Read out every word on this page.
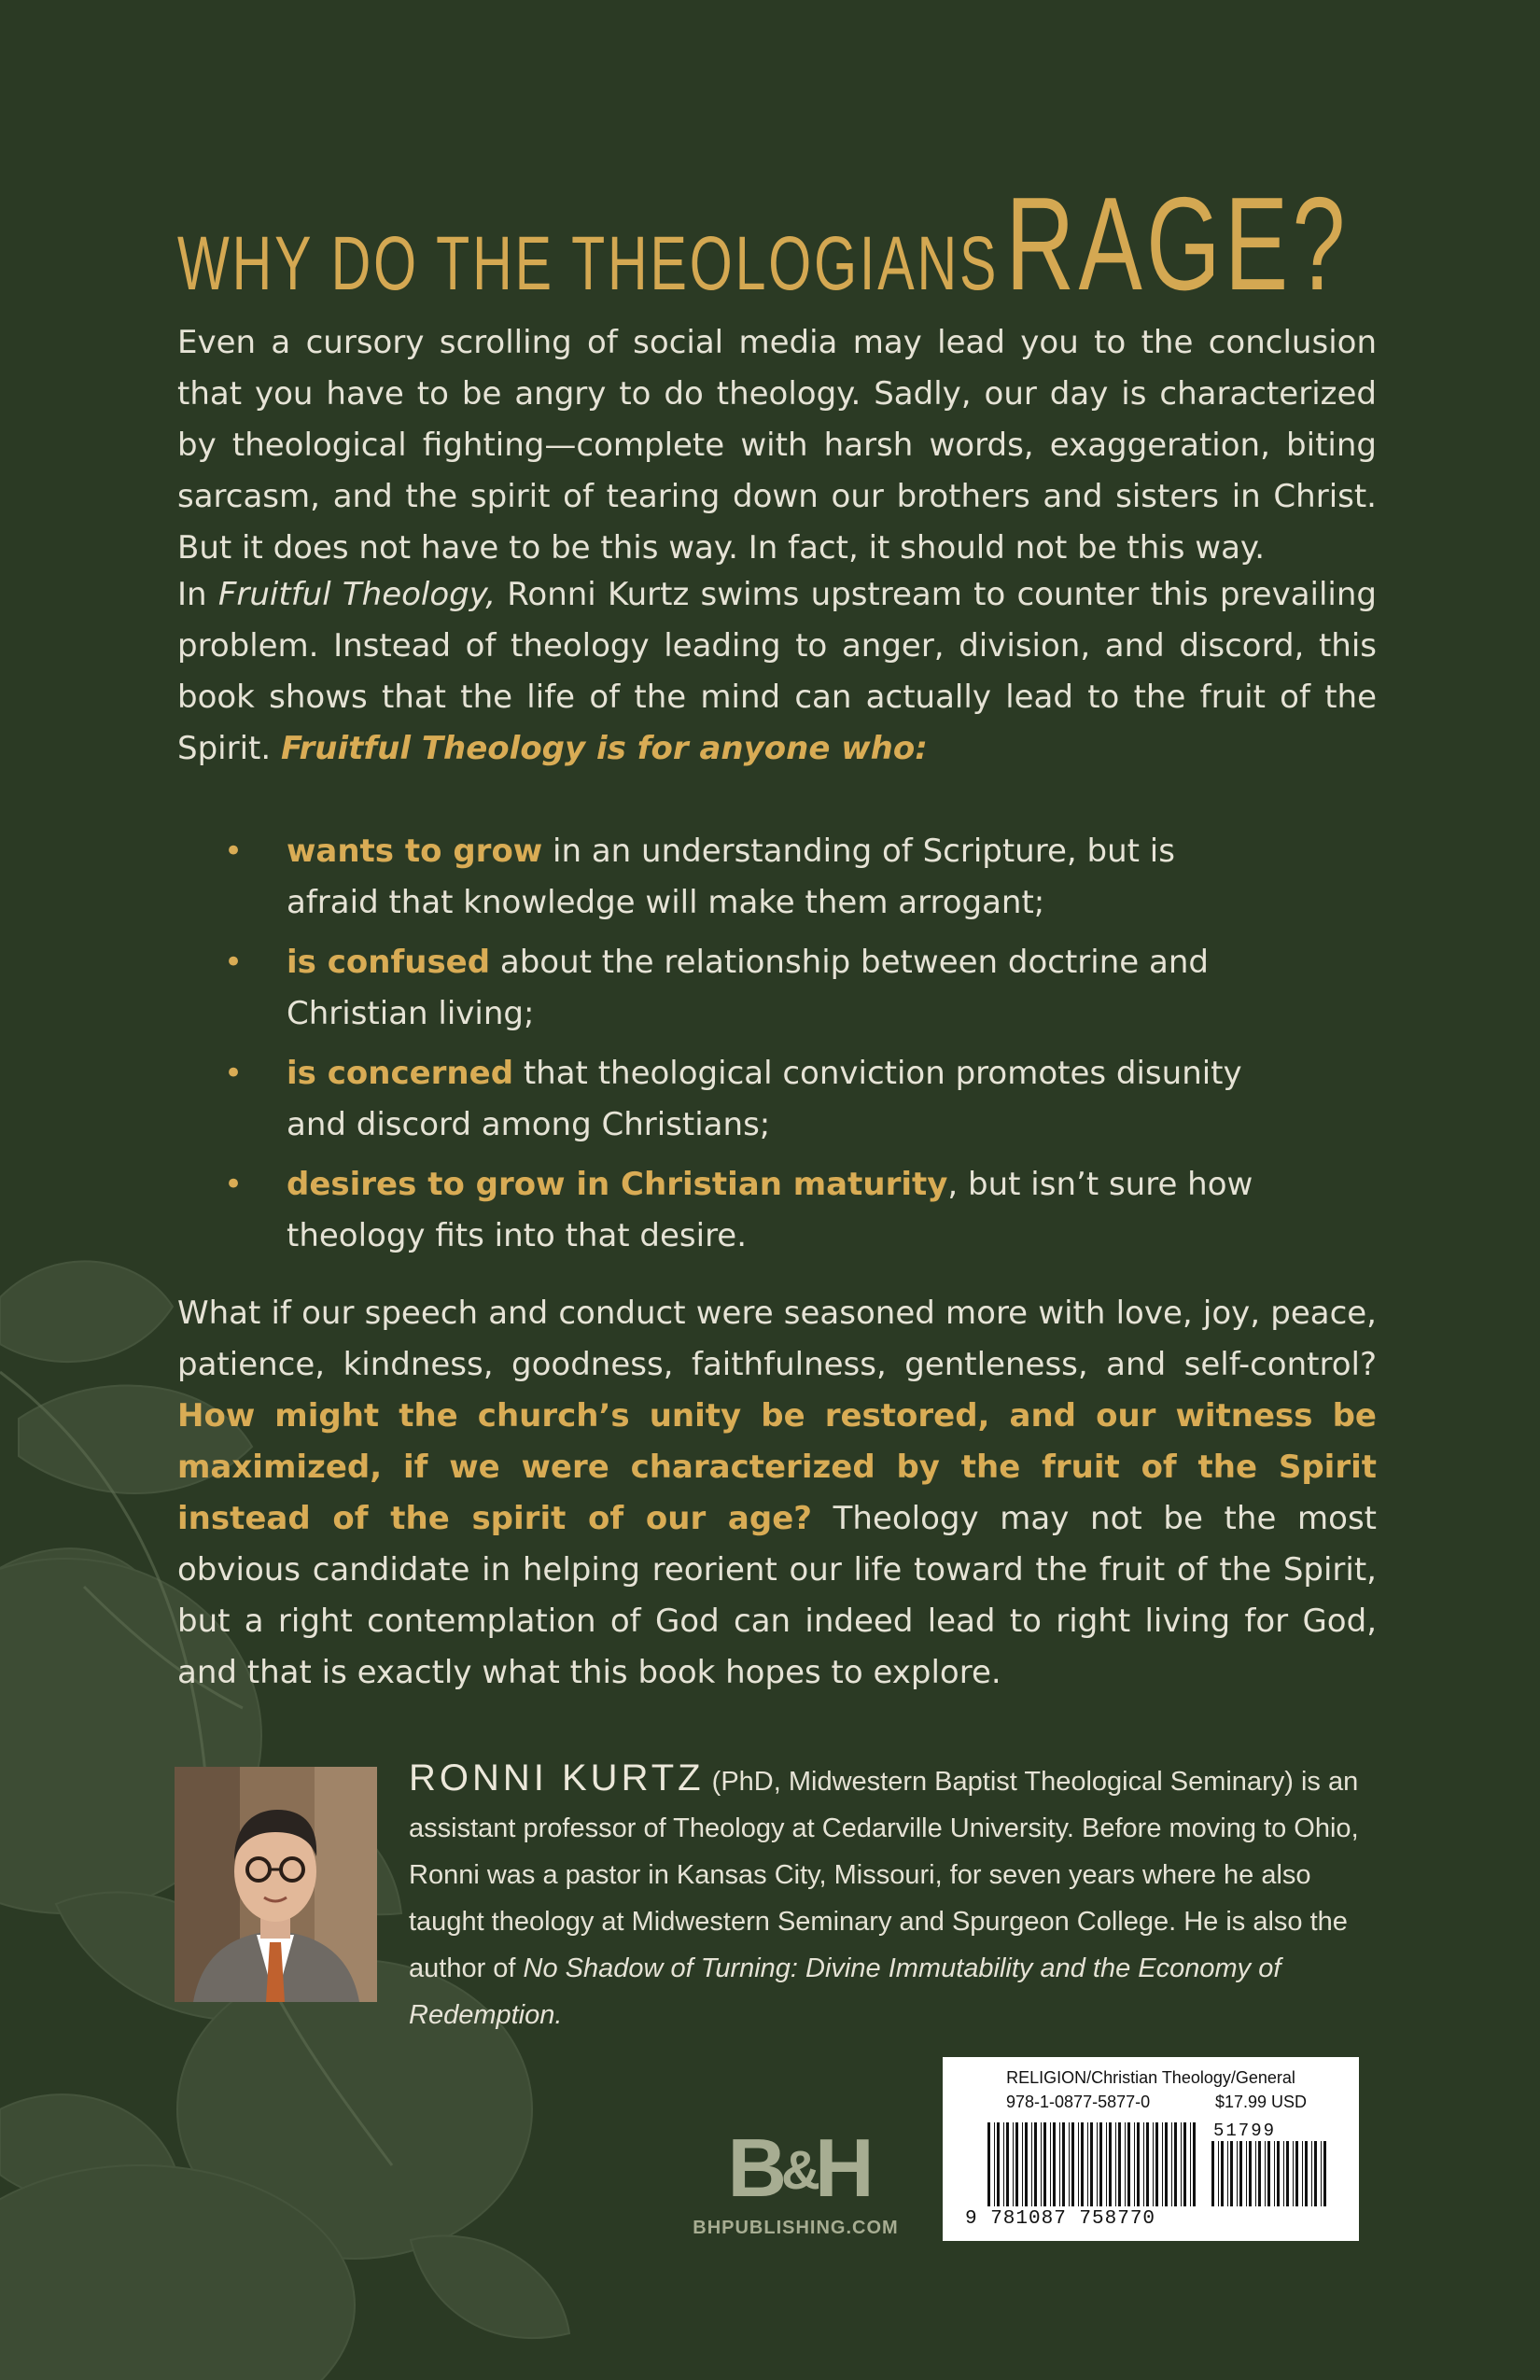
WHY DO THE THEOLOGIANSRAGE?

Even a cursory scrolling of social media may lead you to the conclusion that you have to be angry to do theology. Sadly, our day is characterized by theological fighting—complete with harsh words, exaggeration, biting sarcasm, and the spirit of tearing down our brothers and sisters in Christ. But it does not have to be this way. In fact, it should not be this way.

In Fruitful Theology, Ronni Kurtz swims upstream to counter this prevailing problem. Instead of theology leading to anger, division, and discord, this book shows that the life of the mind can actually lead to the fruit of the Spirit. Fruitful Theology is for anyone who:

• wants to grow in an understanding of Scripture, but is afraid that knowledge will make them arrogant;
• is confused about the relationship between doctrine and Christian living;
• is concerned that theological conviction promotes disunity and discord among Christians;
• desires to grow in Christian maturity, but isn’t sure how theology fits into that desire.

What if our speech and conduct were seasoned more with love, joy, peace, patience, kindness, goodness, faithfulness, gentleness, and self-control? How might the church’s unity be restored, and our witness be maximized, if we were characterized by the fruit of the Spirit instead of the spirit of our age? Theology may not be the most obvious candidate in helping reorient our life toward the fruit of the Spirit, but a right contemplation of God can indeed lead to right living for God, and that is exactly what this book hopes to explore.

RONNI KURTZ (PhD, Midwestern Baptist Theological Seminary) is an assistant professor of Theology at Cedarville University. Before moving to Ohio, Ronni was a pastor in Kansas City, Missouri, for seven years where he also taught theology at Midwestern Seminary and Spurgeon College. He is also the author of No Shadow of Turning: Divine Immutability and the Economy of Redemption.

B&H
BHPUBLISHING.COM
RELIGION/Christian Theology/General
978-1-0877-5877-0	$17.99 USD
51799
9 781087 758770
